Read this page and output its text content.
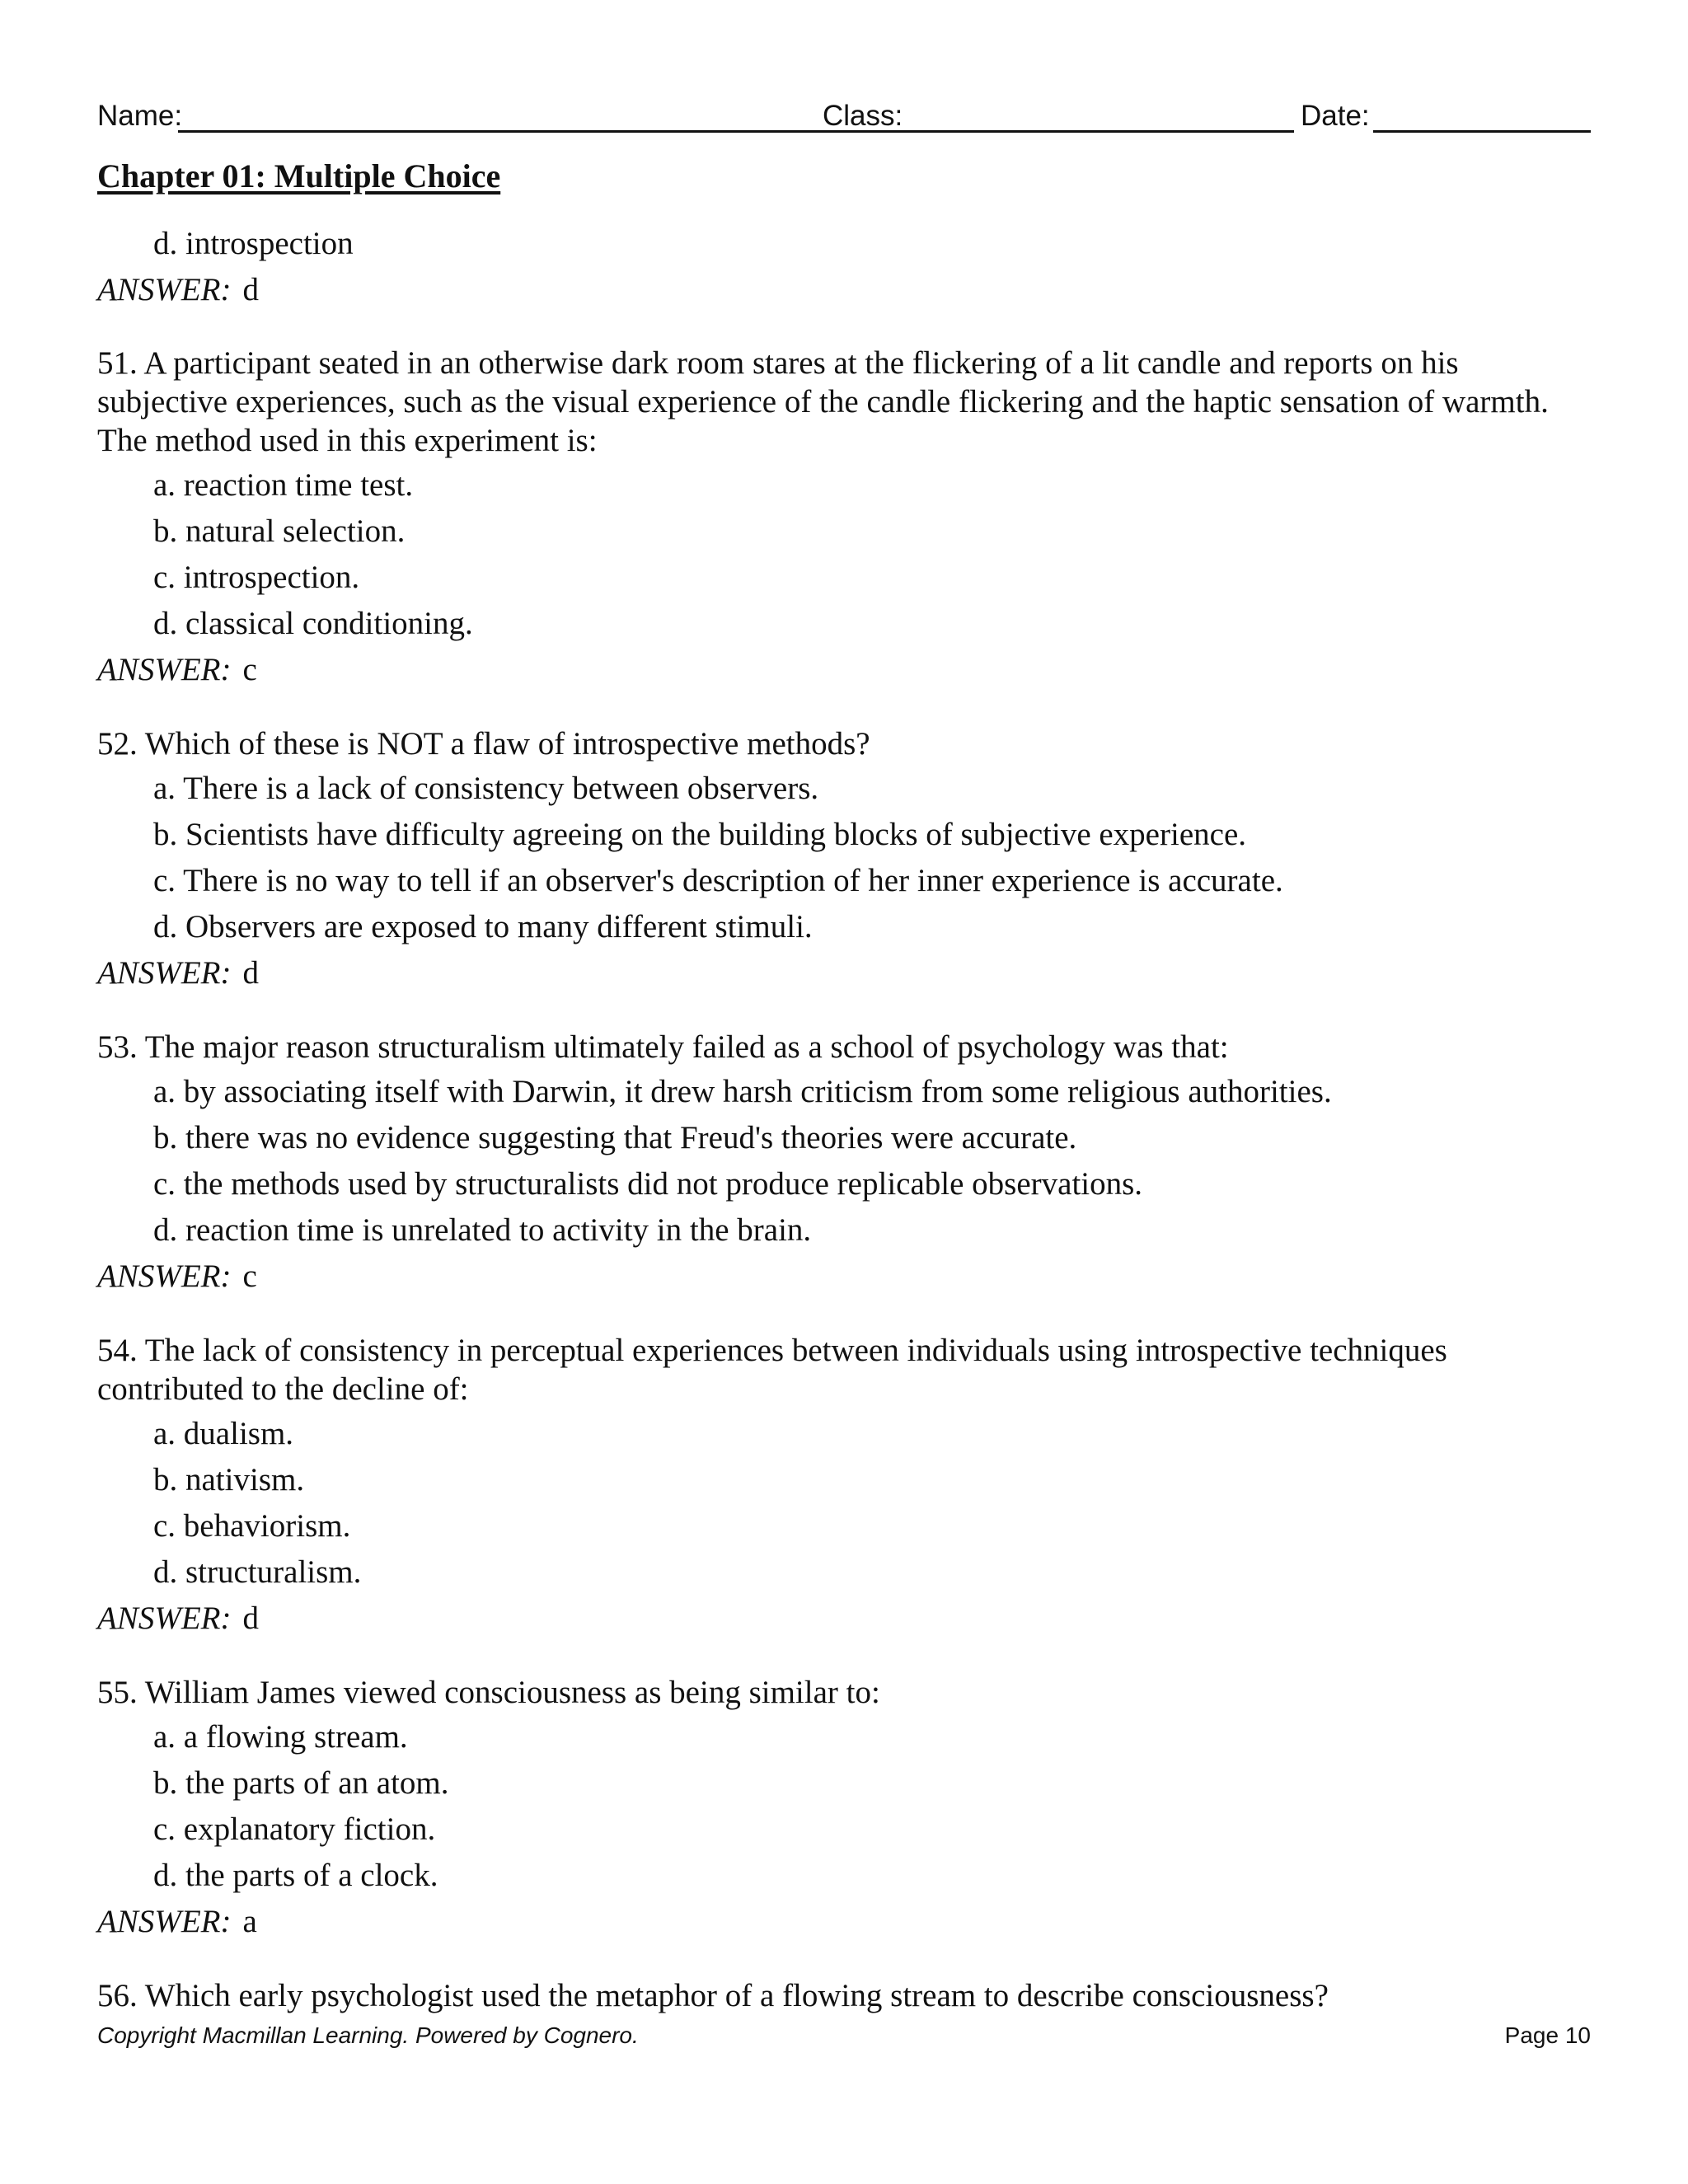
Name:	Class:	Date:
Chapter 01: Multiple Choice
d. introspection
ANSWER: d
51. A participant seated in an otherwise dark room stares at the flickering of a lit candle and reports on his subjective experiences, such as the visual experience of the candle flickering and the haptic sensation of warmth. The method used in this experiment is:
a. reaction time test.
b. natural selection.
c. introspection.
d. classical conditioning.
ANSWER: c
52. Which of these is NOT a flaw of introspective methods?
a. There is a lack of consistency between observers.
b. Scientists have difficulty agreeing on the building blocks of subjective experience.
c. There is no way to tell if an observer's description of her inner experience is accurate.
d. Observers are exposed to many different stimuli.
ANSWER: d
53. The major reason structuralism ultimately failed as a school of psychology was that:
a. by associating itself with Darwin, it drew harsh criticism from some religious authorities.
b. there was no evidence suggesting that Freud's theories were accurate.
c. the methods used by structuralists did not produce replicable observations.
d. reaction time is unrelated to activity in the brain.
ANSWER: c
54. The lack of consistency in perceptual experiences between individuals using introspective techniques contributed to the decline of:
a. dualism.
b. nativism.
c. behaviorism.
d. structuralism.
ANSWER: d
55. William James viewed consciousness as being similar to:
a. a flowing stream.
b. the parts of an atom.
c. explanatory fiction.
d. the parts of a clock.
ANSWER: a
56. Which early psychologist used the metaphor of a flowing stream to describe consciousness?
Copyright Macmillan Learning. Powered by Cognero.	Page 10
